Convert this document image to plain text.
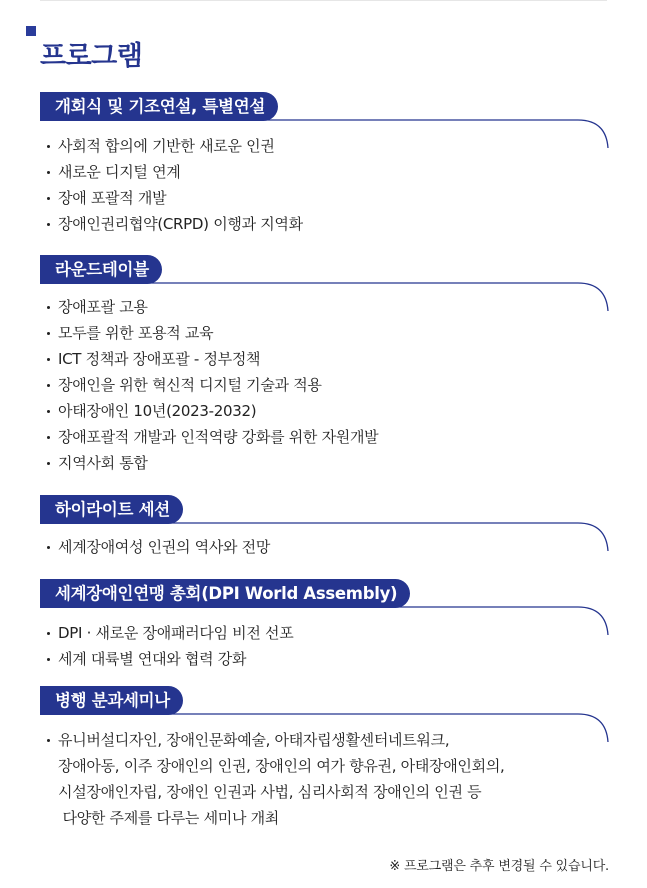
프로그램
개회식 및 기조연설, 특별연설
사회적 합의에 기반한 새로운 인권
새로운 디지털 연계
장애 포괄적 개발
장애인권리협약(CRPD) 이행과 지역화
라운드테이블
장애포괄 고용
모두를 위한 포용적 교육
ICT 정책과 장애포괄 - 정부정책
장애인을 위한 혁신적 디지털 기술과 적용
아태장애인 10년(2023-2032)
장애포괄적 개발과 인적역량 강화를 위한 자원개발
지역사회 통합
하이라이트 세션
세계장애여성 인권의 역사와 전망
세계장애인연맹 총회(DPI World Assembly)
DPI · 새로운 장애패러다임 비전 선포
세계 대륙별 연대와 협력 강화
병행 분과세미나
유니버설디자인, 장애인문화예술, 아태자립생활센터네트워크,
장애아동, 이주 장애인의 인권, 장애인의 여가 향유권, 아태장애인회의,
시설장애인자립, 장애인 인권과 사법, 심리사회적 장애인의 인권 등
다양한 주제를 다루는 세미나 개최
※ 프로그램은 추후 변경될 수 있습니다.
